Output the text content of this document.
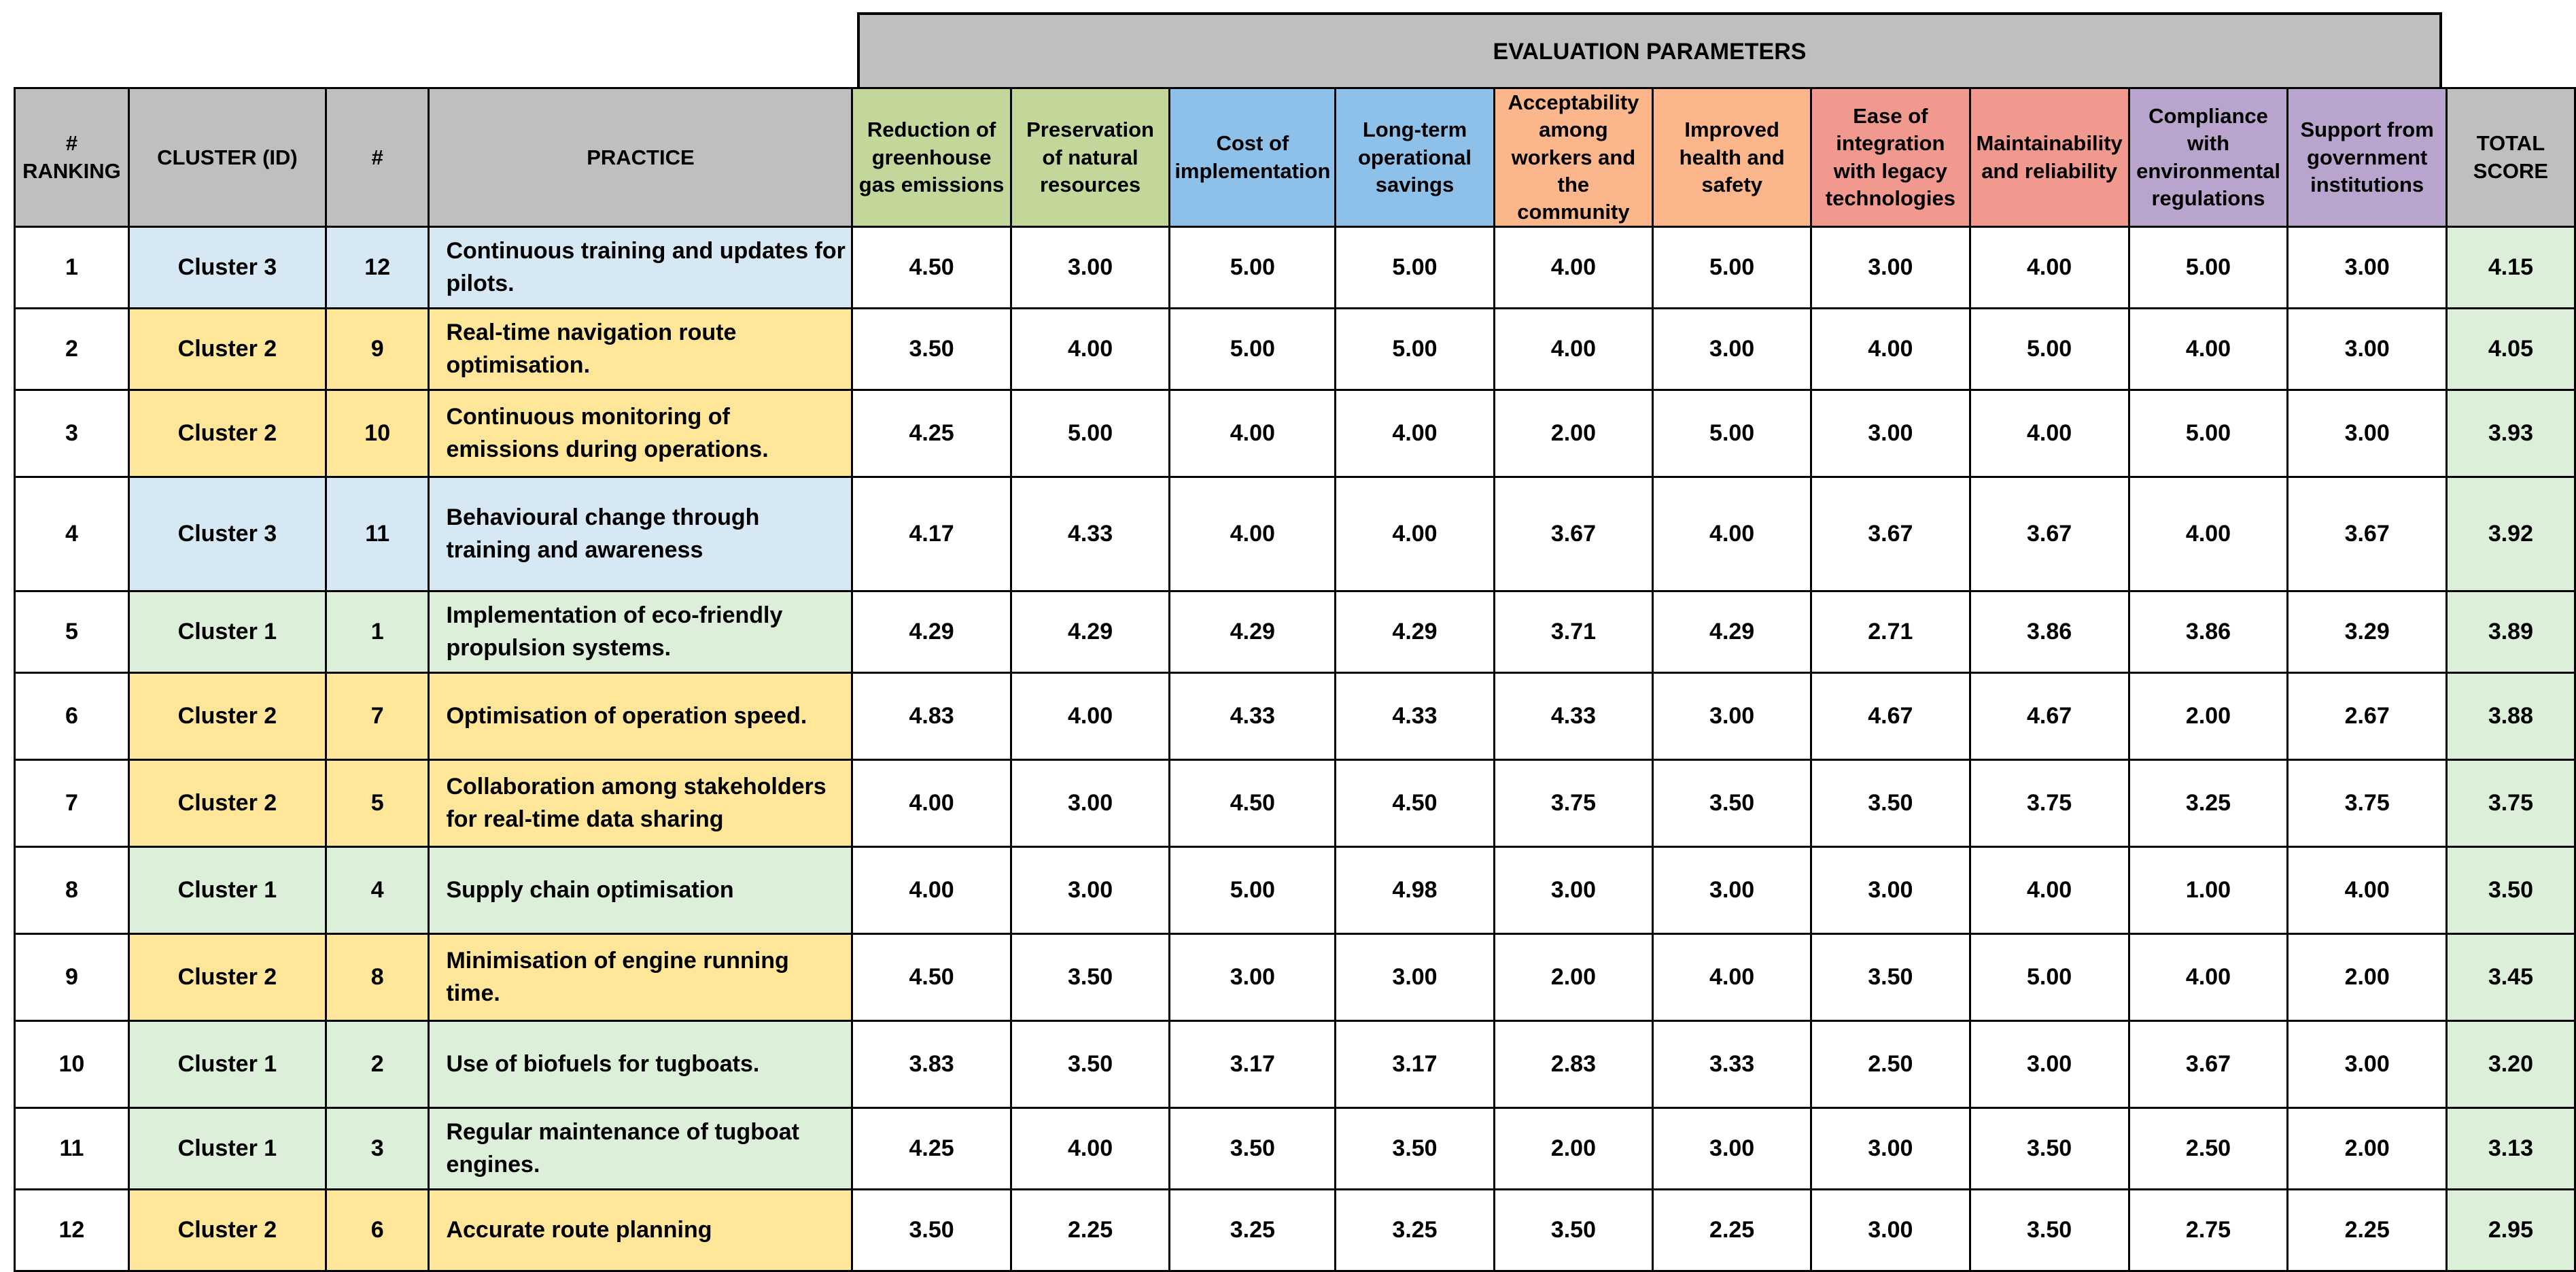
EVALUATION PARAMETERS
# RANKING	CLUSTER (ID)	#	PRACTICE	Reduction of greenhouse gas emissions	Preservation of natural resources	Cost of implementation	Long-term operational savings	Acceptability among workers and the community	Improved health and safety	Ease of integration with legacy technologies	Maintainability and reliability	Compliance with environmental regulations	Support from government institutions	TOTAL SCORE
1	Cluster 3	12	Continuous training and updates for pilots.	4.50	3.00	5.00	5.00	4.00	5.00	3.00	4.00	5.00	3.00	4.15
2	Cluster 2	9	Real-time navigation route optimisation.	3.50	4.00	5.00	5.00	4.00	3.00	4.00	5.00	4.00	3.00	4.05
3	Cluster 2	10	Continuous monitoring of emissions during operations.	4.25	5.00	4.00	4.00	2.00	5.00	3.00	4.00	5.00	3.00	3.93
4	Cluster 3	11	Behavioural change through training and awareness	4.17	4.33	4.00	4.00	3.67	4.00	3.67	3.67	4.00	3.67	3.92
5	Cluster 1	1	Implementation of eco-friendly propulsion systems.	4.29	4.29	4.29	4.29	3.71	4.29	2.71	3.86	3.86	3.29	3.89
6	Cluster 2	7	Optimisation of operation speed.	4.83	4.00	4.33	4.33	4.33	3.00	4.67	4.67	2.00	2.67	3.88
7	Cluster 2	5	Collaboration among stakeholders for real-time data sharing	4.00	3.00	4.50	4.50	3.75	3.50	3.50	3.75	3.25	3.75	3.75
8	Cluster 1	4	Supply chain optimisation	4.00	3.00	5.00	4.98	3.00	3.00	3.00	4.00	1.00	4.00	3.50
9	Cluster 2	8	Minimisation of engine running time.	4.50	3.50	3.00	3.00	2.00	4.00	3.50	5.00	4.00	2.00	3.45
10	Cluster 1	2	Use of biofuels for tugboats.	3.83	3.50	3.17	3.17	2.83	3.33	2.50	3.00	3.67	3.00	3.20
11	Cluster 1	3	Regular maintenance of tugboat engines.	4.25	4.00	3.50	3.50	2.00	3.00	3.00	3.50	2.50	2.00	3.13
12	Cluster 2	6	Accurate route planning	3.50	2.25	3.25	3.25	3.50	2.25	3.00	3.50	2.75	2.25	2.95
